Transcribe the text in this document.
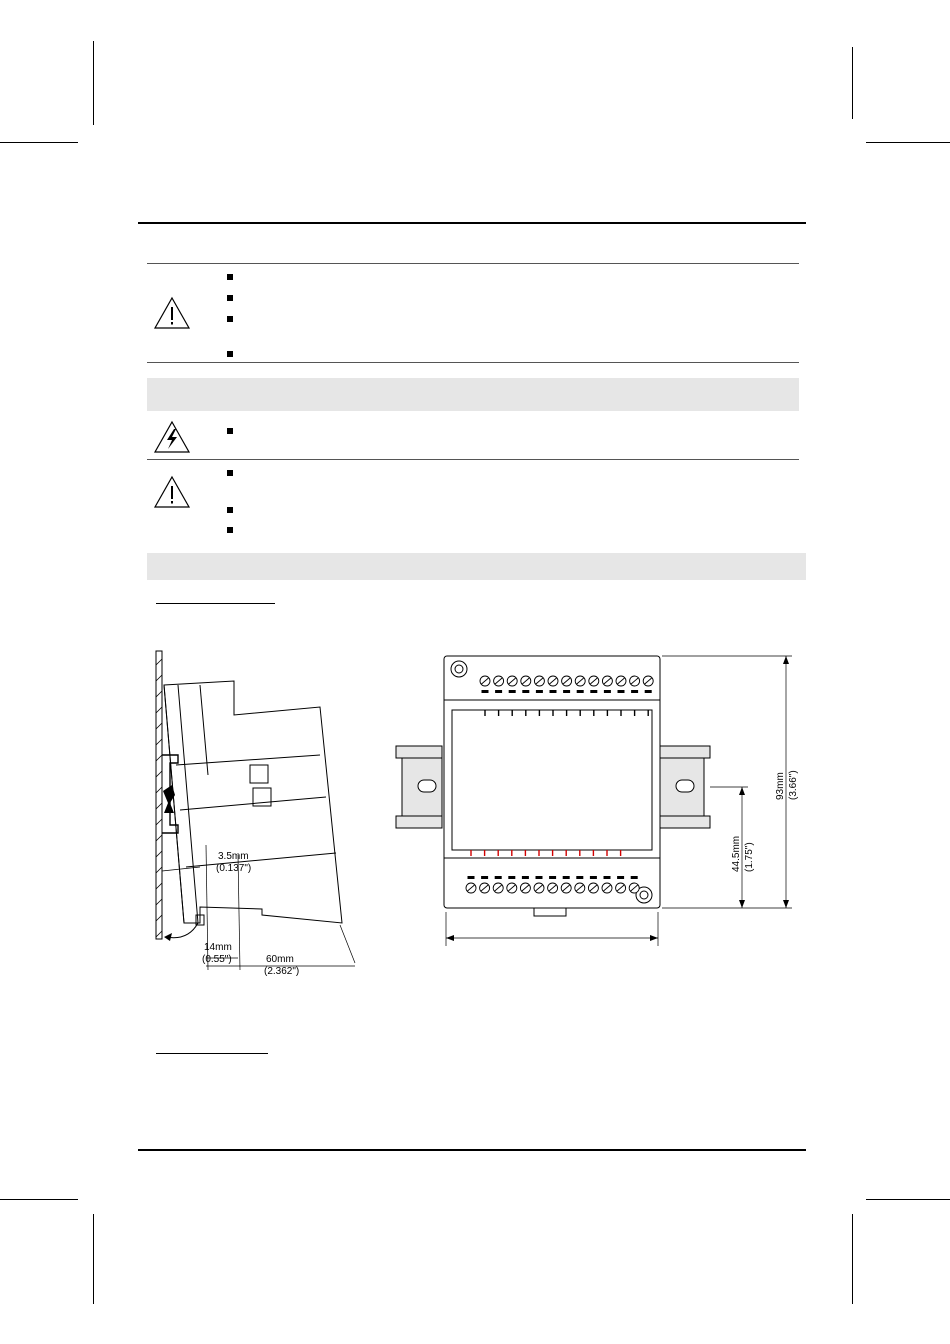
3.5mm
(0.137")
14mm
(0.55")	60mm
(2.362")
93mm (3.66")
44.5mm (1.75")
